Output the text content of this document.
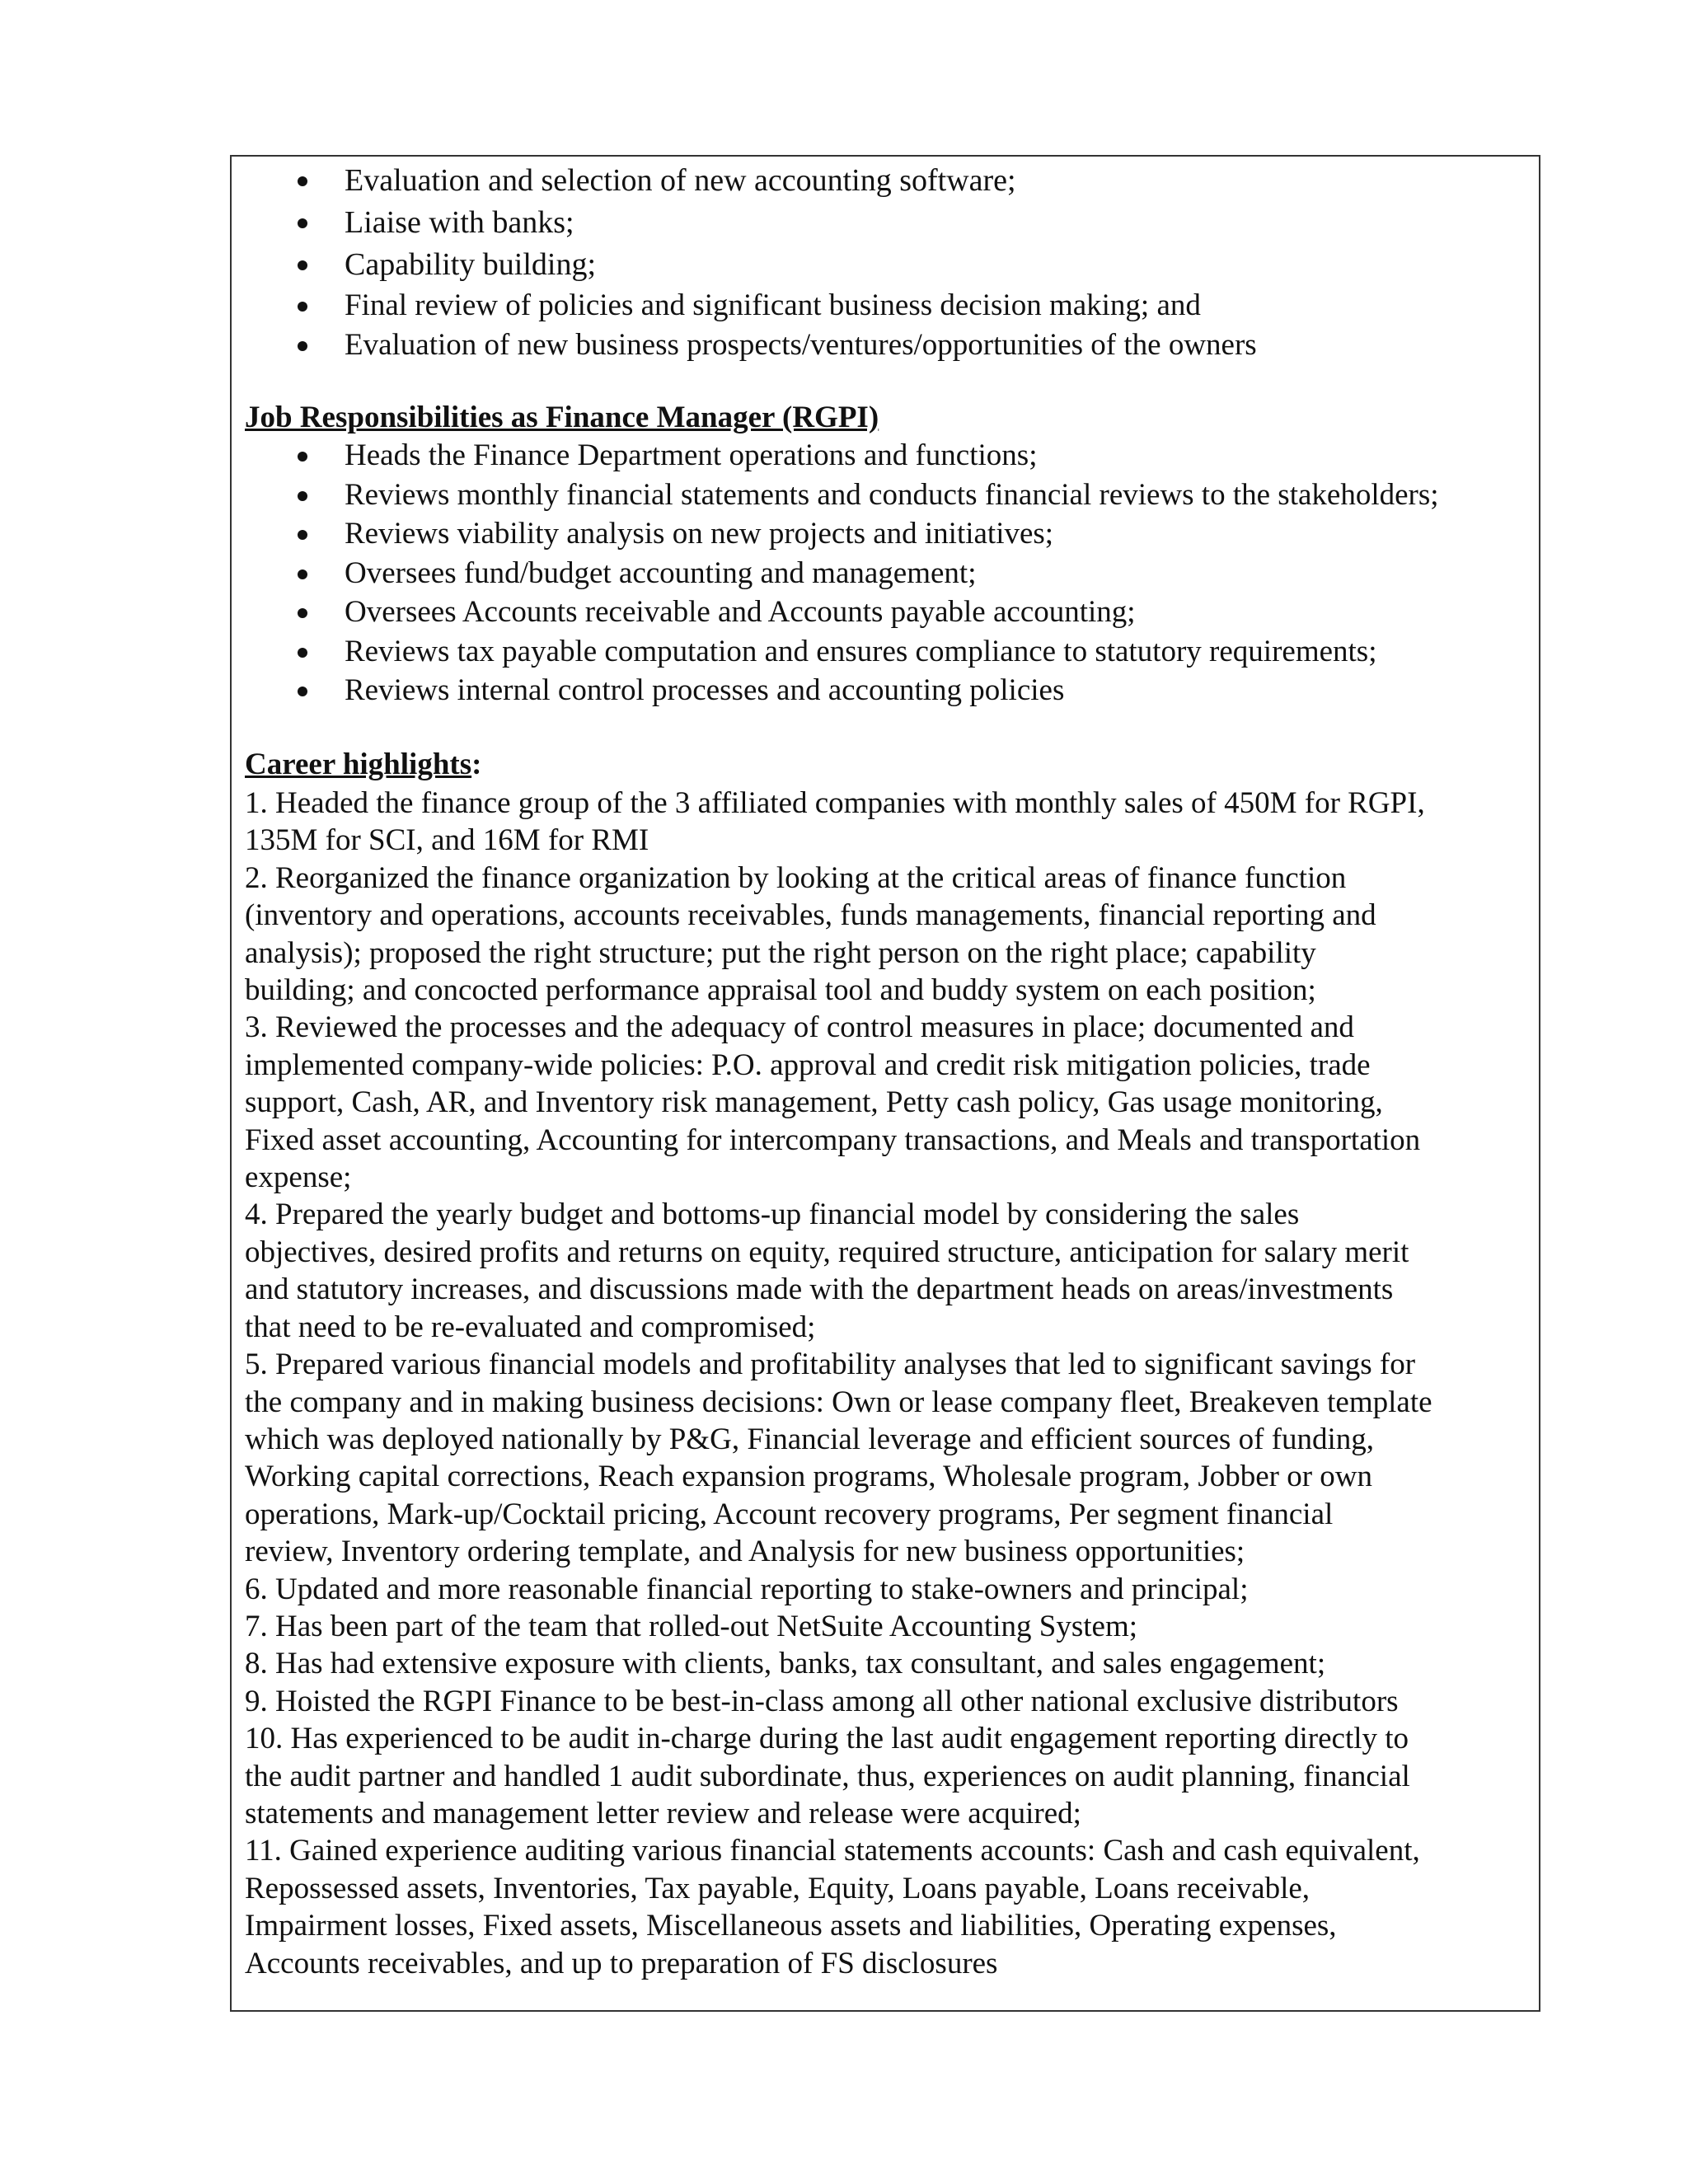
Evaluation and selection of new accounting software;
Liaise with banks;
Capability building;
Final review of policies and significant business decision making; and
Evaluation of new business prospects/ventures/opportunities of the owners
Job Responsibilities as Finance Manager (RGPI)
Heads the Finance Department operations and functions;
Reviews monthly financial statements and conducts financial reviews to the stakeholders;
Reviews viability analysis on new projects and initiatives;
Oversees fund/budget accounting and management;
Oversees Accounts receivable and Accounts payable accounting;
Reviews tax payable computation and ensures compliance to statutory requirements;
Reviews internal control processes and accounting policies
Career highlights:

1. Headed the finance group of the 3 affiliated companies with monthly sales of 450M for RGPI,
135M for SCI, and 16M for RMI

2. Reorganized the finance organization by looking at the critical areas of finance function
(inventory and operations, accounts receivables, funds managements, financial reporting and
analysis); proposed the right structure; put the right person on the right place; capability
building; and concocted performance appraisal tool and buddy system on each position;

3. Reviewed the processes and the adequacy of control measures in place; documented and
implemented company-wide policies: P.O. approval and credit risk mitigation policies, trade
support, Cash, AR, and Inventory risk management, Petty cash policy, Gas usage monitoring,
Fixed asset accounting, Accounting for intercompany transactions, and Meals and transportation
expense;

4. Prepared the yearly budget and bottoms-up financial model by considering the sales
objectives, desired profits and returns on equity, required structure, anticipation for salary merit
and statutory increases, and discussions made with the department heads on areas/investments
that need to be re-evaluated and compromised;

5. Prepared various financial models and profitability analyses that led to significant savings for
the company and in making business decisions: Own or lease company fleet, Breakeven template
which was deployed nationally by P&G, Financial leverage and efficient sources of funding,
Working capital corrections, Reach expansion programs, Wholesale program, Jobber or own
operations, Mark-up/Cocktail pricing, Account recovery programs, Per segment financial
review, Inventory ordering template, and Analysis for new business opportunities;

6. Updated and more reasonable financial reporting to stake-owners and principal;

7. Has been part of the team that rolled-out NetSuite Accounting System;

8. Has had extensive exposure with clients, banks, tax consultant, and sales engagement;

9. Hoisted the RGPI Finance to be best-in-class among all other national exclusive distributors

10. Has experienced to be audit in-charge during the last audit engagement reporting directly to
the audit partner and handled 1 audit subordinate, thus, experiences on audit planning, financial
statements and management letter review and release were acquired;

11. Gained experience auditing various financial statements accounts: Cash and cash equivalent,
Repossessed assets, Inventories, Tax payable, Equity, Loans payable, Loans receivable,
Impairment losses, Fixed assets, Miscellaneous assets and liabilities, Operating expenses,
Accounts receivables, and up to preparation of FS disclosures
